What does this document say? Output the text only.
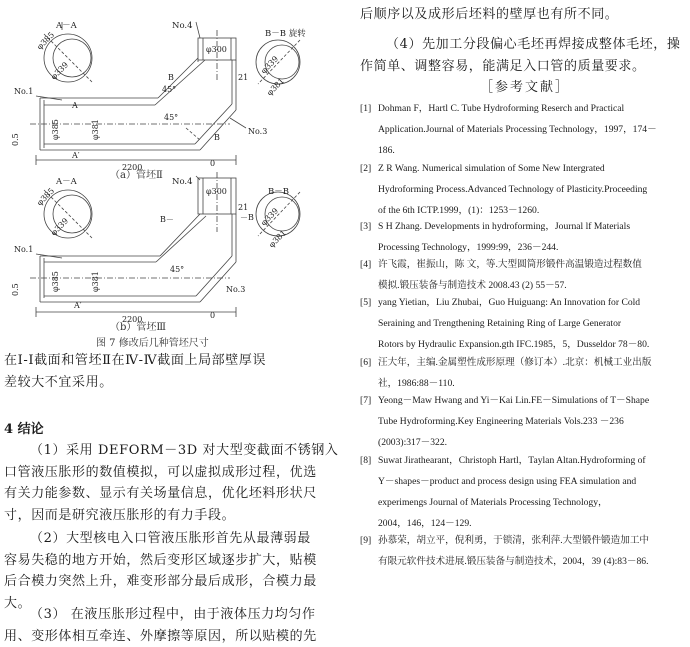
A－A	No.4
B－B 旋转
φ385
φ339
φ300
φ339
φ381
No.1
B
45°
45°
21
No.3
B
A
A′
φ385	φ381
0.5
2200	0
A－A	No.4
B－B
φ385
φ339
φ300
φ339
φ381
No.1
B－	－B
21
45°
No.3
φ385	φ381
0.5
A′
2200	0
（a）管坯Ⅱ
（b）管坯Ⅲ
图 7 修改后几种管坯尺寸
在Ⅰ-Ⅰ截面和管坯Ⅱ在Ⅳ-Ⅳ截面上局部壁厚误
差较大不宜采用。
4 结论
（1）采用 DEFORM－3D 对大型变截面不锈钢入
口管液压胀形的数值模拟，可以虚拟成形过程，优选
有关力能参数、显示有关场量信息，优化坯料形状尺
寸，因而是研究液压胀形的有力手段。
（2）大型核电入口管液压胀形首先从最薄弱最
容易失稳的地方开始，然后变形区域逐步扩大，贴模
后合模力突然上升，难变形部分最后成形，合模力最
大。
（3） 在液压胀形过程中，由于液体压力均匀作
用、变形体相互牵连、外摩擦等原因，所以贴模的先
后顺序以及成形后坯料的壁厚也有所不同。
（4）先加工分段偏心毛坯再焊接成整体毛坯，操
作简单、调整容易，能满足入口管的质量要求。
［参考文献］
[1] Dohman F，Hartl C. Tube Hydroforming Reserch and Practical
Application.Journal of Materials Processing Technology，1997，174－
186.
[2] Z R Wang. Numerical simulation of Some New Intergrated
Hydroforming Process.Advanced Technology of Plasticity.Proceeding
of the 6th ICTP.1999，(1)：1253－1260.
[3] S H Zhang. Developments in hydroforming，Journal lf Materials
Processing Technology，1999:99，236－244.
[4] 许飞霞，崔振山，陈 文，等.大型圆筒形锻件高温锻造过程数值
模拟.锻压装备与制造技术 2008.43 (2) 55－57.
[5] yang Yietian，Liu Zhubai，Guo Huiguang: An Innovation for Cold
Seraining and Trengthening Retaining Ring of Large Generator
Rotors by Hydraulic Expansion.gth IFC.1985，5，Dusseldor 78－80.
[6] 汪大年，主编.金属塑性成形原理（修订本）.北京：机械工业出版
社，1986:88－110.
[7] Yeong－Maw Hwang and Yi－Kai Lin.FE－Simulations of T－Shape
Tube Hydroforming.Key Engineering Materials Vols.233 －236
(2003):317－322.
[8] Suwat Jirathearant，Christoph Hartl，Taylan Altan.Hydroforming of
Y－shapes－product and process design using FEA simulation and
experimengs Journal of Materials Processing Technology，
2004，146，124－129.
[9] 孙慕荣，胡立平，倪利勇，于锁清，张利萍.大型锻件锻造加工中
有限元软件技术进展.锻压装备与制造技术，2004，39 (4):83－86.
